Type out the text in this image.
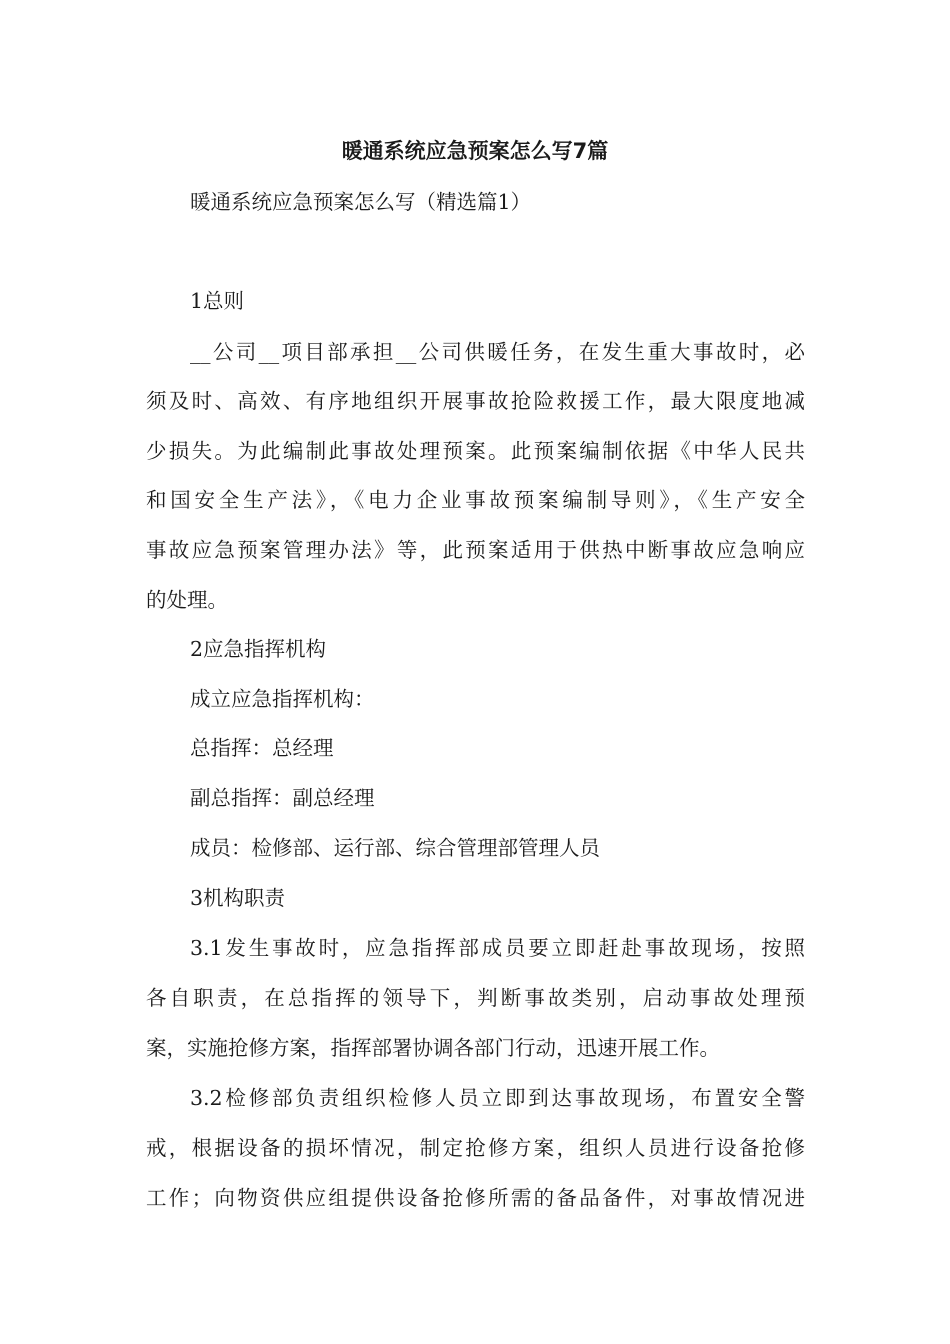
暖通系统应急预案怎么写7篇

暖通系统应急预案怎么写（精选篇1）

1总则

__公司__项目部承担__公司供暖任务，在发生重大事故时，必

须及时、高效、有序地组织开展事故抢险救援工作，最大限度地减

少损失。为此编制此事故处理预案。此预案编制依据《中华人民共

和国安全生产法》，《电力企业事故预案编制导则》，《生产安全

事故应急预案管理办法》等，此预案适用于供热中断事故应急响应

的处理。

2应急指挥机构

成立应急指挥机构：

总指挥：总经理

副总指挥：副总经理

成员：检修部、运行部、综合管理部管理人员

3机构职责

3.1发生事故时，应急指挥部成员要立即赶赴事故现场，按照

各自职责，在总指挥的领导下，判断事故类别，启动事故处理预

案，实施抢修方案，指挥部署协调各部门行动，迅速开展工作。

3.2检修部负责组织检修人员立即到达事故现场，布置安全警

戒，根据设备的损坏情况，制定抢修方案，组织人员进行设备抢修

工作；向物资供应组提供设备抢修所需的备品备件，对事故情况进
